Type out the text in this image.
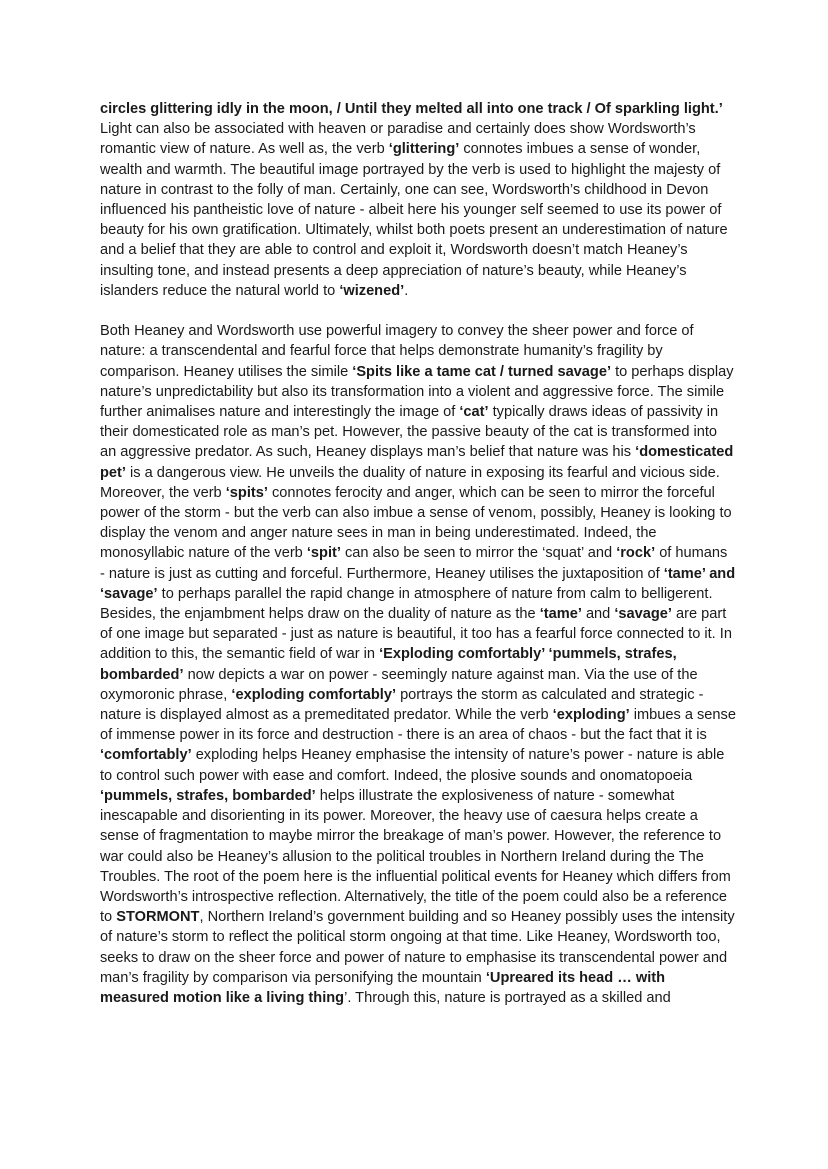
circles glittering idly in the moon, / Until they melted all into one track / Of sparkling light.’ Light can also be associated with heaven or paradise and certainly does show Wordsworth’s romantic view of nature. As well as, the verb ‘glittering’ connotes imbues a sense of wonder, wealth and warmth. The beautiful image portrayed by the verb is used to highlight the majesty of nature in contrast to the folly of man. Certainly, one can see, Wordsworth’s childhood in Devon influenced his pantheistic love of nature - albeit here his younger self seemed to use its power of beauty for his own gratification. Ultimately, whilst both poets present an underestimation of nature and a belief that they are able to control and exploit it, Wordsworth doesn’t match Heaney’s insulting tone, and instead presents a deep appreciation of nature’s beauty, while Heaney’s islanders reduce the natural world to ‘wizened’.

Both Heaney and Wordsworth use powerful imagery to convey the sheer power and force of nature: a transcendental and fearful force that helps demonstrate humanity’s fragility by comparison. Heaney utilises the simile ‘Spits like a tame cat / turned savage’ to perhaps display nature’s unpredictability but also its transformation into a violent and aggressive force. The simile further animalises nature and interestingly the image of ‘cat’ typically draws ideas of passivity in their domesticated role as man’s pet. However, the passive beauty of the cat is transformed into an aggressive predator. As such, Heaney displays man’s belief that nature was his ‘domesticated pet’ is a dangerous view. He unveils the duality of nature in exposing its fearful and vicious side. Moreover, the verb ‘spits’ connotes ferocity and anger, which can be seen to mirror the forceful power of the storm - but the verb can also imbue a sense of venom, possibly, Heaney is looking to display the venom and anger nature sees in man in being underestimated. Indeed, the monosyllabic nature of the verb ‘spit’ can also be seen to mirror the ‘squat’ and ‘rock’ of humans - nature is just as cutting and forceful. Furthermore, Heaney utilises the juxtaposition of ‘tame’ and ‘savage’ to perhaps parallel the rapid change in atmosphere of nature from calm to belligerent. Besides, the enjambment helps draw on the duality of nature as the ‘tame’ and ‘savage’ are part of one image but separated - just as nature is beautiful, it too has a fearful force connected to it. In addition to this, the semantic field of war in ‘Exploding comfortably’ ‘pummels, strafes, bombarded’ now depicts a war on power - seemingly nature against man. Via the use of the oxymoronic phrase, ‘exploding comfortably’ portrays the storm as calculated and strategic - nature is displayed almost as a premeditated predator. While the verb ‘exploding’ imbues a sense of immense power in its force and destruction - there is an area of chaos - but the fact that it is ‘comfortably’ exploding helps Heaney emphasise the intensity of nature’s power - nature is able to control such power with ease and comfort. Indeed, the plosive sounds and onomatopoeia ‘pummels, strafes, bombarded’ helps illustrate the explosiveness of nature - somewhat inescapable and disorienting in its power. Moreover, the heavy use of caesura helps create a sense of fragmentation to maybe mirror the breakage of man’s power. However, the reference to war could also be Heaney’s allusion to the political troubles in Northern Ireland during the The Troubles. The root of the poem here is the influential political events for Heaney which differs from Wordsworth’s introspective reflection. Alternatively, the title of the poem could also be a reference to STORMONT, Northern Ireland’s government building and so Heaney possibly uses the intensity of nature’s storm to reflect the political storm ongoing at that time. Like Heaney, Wordsworth too, seeks to draw on the sheer force and power of nature to emphasise its transcendental power and man’s fragility by comparison via personifying the mountain ‘Upreared its head … with measured motion like a living thing’. Through this, nature is portrayed as a skilled and
